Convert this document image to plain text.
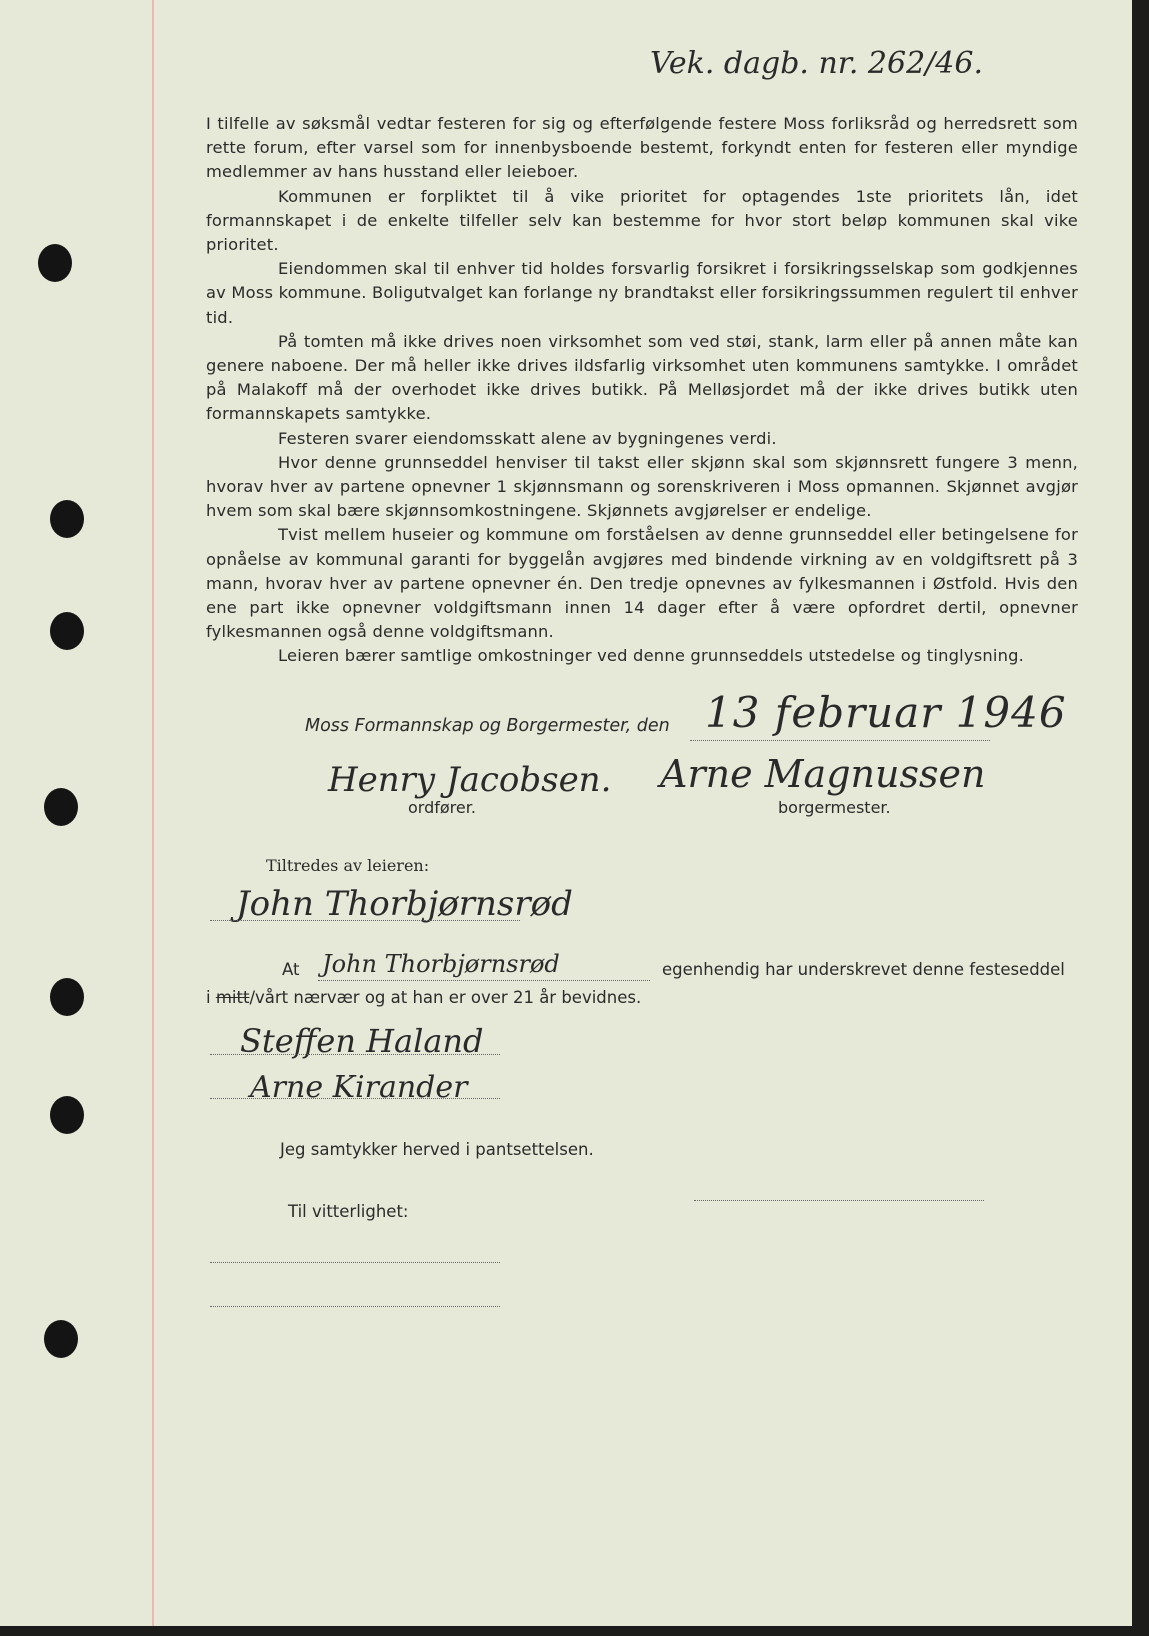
Vek. dagb. nr. 262/46.

I tilfelle av søksmål vedtar festeren for sig og efterfølgende festere Moss forliksråd og herredsrett som rette forum, efter varsel som for innenbysboende bestemt, forkyndt enten for festeren eller myndige medlemmer av hans husstand eller leieboer.

Kommunen er forpliktet til å vike prioritet for optagendes 1ste prioritets lån, idet formannskapet i de enkelte tilfeller selv kan bestemme for hvor stort beløp kommunen skal vike prioritet.

Eiendommen skal til enhver tid holdes forsvarlig forsikret i forsikringsselskap som godkjennes av Moss kommune. Boligutvalget kan forlange ny brandtakst eller forsikringssummen regulert til enhver tid.

På tomten må ikke drives noen virksomhet som ved støi, stank, larm eller på annen måte kan genere naboene. Der må heller ikke drives ildsfarlig virksomhet uten kommunens samtykke. I området på Malakoff må der overhodet ikke drives butikk. På Melløsjordet må der ikke drives butikk uten formannskapets samtykke.

Festeren svarer eiendomsskatt alene av bygningenes verdi.

Hvor denne grunnseddel henviser til takst eller skjønn skal som skjønnsrett fungere 3 menn, hvorav hver av partene opnevner 1 skjønnsmann og sorenskriveren i Moss opmannen. Skjønnet avgjør hvem som skal bære skjønnsomkostningene. Skjønnets avgjørelser er endelige.

Tvist mellem huseier og kommune om forståelsen av denne grunnseddel eller betingelsene for opnåelse av kommunal garanti for byggelån avgjøres med bindende virkning av en voldgiftsrett på 3 mann, hvorav hver av partene opnevner én. Den tredje opnevnes av fylkesmannen i Østfold. Hvis den ene part ikke opnevner voldgiftsmann innen 14 dager efter å være opfordret dertil, opnevner fylkesmannen også denne voldgiftsmann.

Leieren bærer samtlige omkostninger ved denne grunnseddels utstedelse og tinglysning.

Moss Formannskap og Borgermester, den 13 februar 1946
Henry Jacobsen.
ordfører.
Arne Magnussen
borgermester.
Tiltredes av leieren:
John Thorbjørnsrød
At John Thorbjørnsrød	egenhendig har underskrevet denne festeseddel
i mitt/vårt nærvær og at han er over 21 år bevidnes.
Steffen Haland
Arne Kirander
Jeg samtykker herved i pantsettelsen.
Til vitterlighet:
